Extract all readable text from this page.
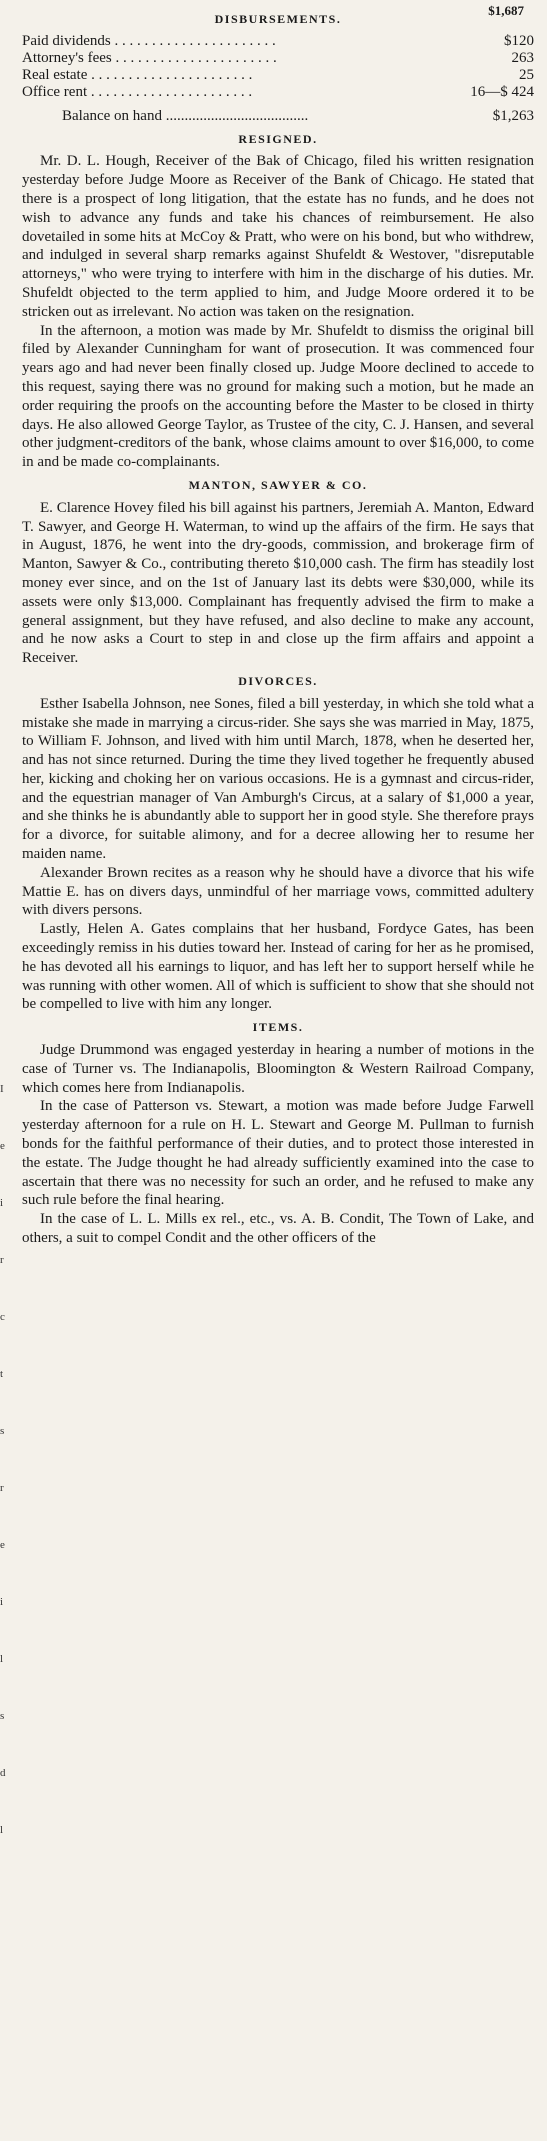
I
e
i
r
c
t
s
r
e
i
l
s
d
l
$1,687
DISBURSEMENTS.
Paid dividends . . . . . . . . . . . . . . . . . . . . . .	$120
Attorney's fees . . . . . . . . . . . . . . . . . . . . . .	263
Real estate . . . . . . . . . . . . . . . . . . . . . .	25
Office rent . . . . . . . . . . . . . . . . . . . . . .	16—$ 424
Balance on hand ......................................	$1,263
RESIGNED.

Mr. D. L. Hough, Receiver of the Bak of Chicago, filed his written resignation yesterday before Judge Moore as Receiver of the Bank of Chicago. He stated that there is a prospect of long litigation, that the estate has no funds, and he does not wish to advance any funds and take his chances of reimbursement. He also dovetailed in some hits at McCoy & Pratt, who were on his bond, but who withdrew, and indulged in several sharp remarks against Shufeldt & Westover, "disreputable attorneys," who were trying to interfere with him in the discharge of his duties. Mr. Shufeldt objected to the term applied to him, and Judge Moore ordered it to be stricken out as irrelevant. No action was taken on the resignation.

In the afternoon, a motion was made by Mr. Shufeldt to dismiss the original bill filed by Alexander Cunningham for want of prosecution. It was commenced four years ago and had never been finally closed up. Judge Moore declined to accede to this request, saying there was no ground for making such a motion, but he made an order requiring the proofs on the accounting before the Master to be closed in thirty days. He also allowed George Taylor, as Trustee of the city, C. J. Hansen, and several other judgment-creditors of the bank, whose claims amount to over $16,000, to come in and be made co-complainants.

MANTON, SAWYER & CO.

E. Clarence Hovey filed his bill against his partners, Jeremiah A. Manton, Edward T. Sawyer, and George H. Waterman, to wind up the affairs of the firm. He says that in August, 1876, he went into the dry-goods, commission, and brokerage firm of Manton, Sawyer & Co., contributing thereto $10,000 cash. The firm has steadily lost money ever since, and on the 1st of January last its debts were $30,000, while its assets were only $13,000. Complainant has frequently advised the firm to make a general assignment, but they have refused, and also decline to make any account, and he now asks a Court to step in and close up the firm affairs and appoint a Receiver.

DIVORCES.

Esther Isabella Johnson, nee Sones, filed a bill yesterday, in which she told what a mistake she made in marrying a circus-rider. She says she was married in May, 1875, to William F. Johnson, and lived with him until March, 1878, when he deserted her, and has not since returned. During the time they lived together he frequently abused her, kicking and choking her on various occasions. He is a gymnast and circus-rider, and the equestrian manager of Van Amburgh's Circus, at a salary of $1,000 a year, and she thinks he is abundantly able to support her in good style. She therefore prays for a divorce, for suitable alimony, and for a decree allowing her to resume her maiden name.

Alexander Brown recites as a reason why he should have a divorce that his wife Mattie E. has on divers days, unmindful of her marriage vows, committed adultery with divers persons.

Lastly, Helen A. Gates complains that her husband, Fordyce Gates, has been exceedingly remiss in his duties toward her. Instead of caring for her as he promised, he has devoted all his earnings to liquor, and has left her to support herself while he was running with other women. All of which is sufficient to show that she should not be compelled to live with him any longer.

ITEMS.

Judge Drummond was engaged yesterday in hearing a number of motions in the case of Turner vs. The Indianapolis, Bloomington & Western Railroad Company, which comes here from Indianapolis.

In the case of Patterson vs. Stewart, a motion was made before Judge Farwell yesterday afternoon for a rule on H. L. Stewart and George M. Pullman to furnish bonds for the faithful performance of their duties, and to protect those interested in the estate. The Judge thought he had already sufficiently examined into the case to ascertain that there was no necessity for such an order, and he refused to make any such rule before the final hearing.

In the case of L. L. Mills ex rel., etc., vs. A. B. Condit, The Town of Lake, and others, a suit to compel Condit and the other officers of the
